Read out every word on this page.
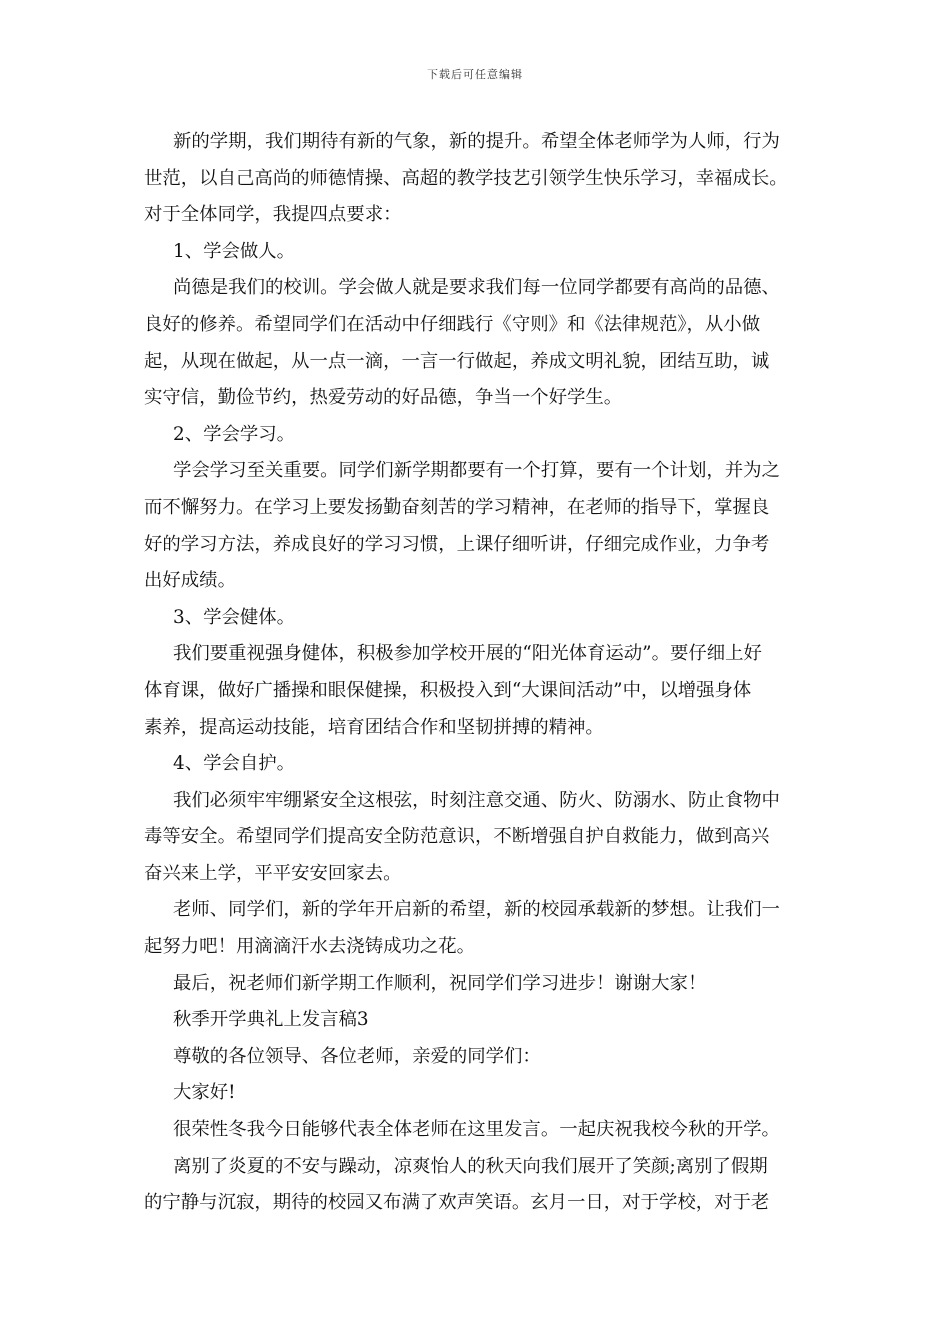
下载后可任意编辑
新的学期，我们期待有新的气象，新的提升。希望全体老师学为人师，行为
世范，以自己高尚的师德情操、高超的教学技艺引领学生快乐学习，幸福成长。
对于全体同学，我提四点要求：
1、学会做人。
尚德是我们的校训。学会做人就是要求我们每一位同学都要有高尚的品德、
良好的修养。希望同学们在活动中仔细践行《守则》和《法律规范》，从小做
起，从现在做起，从一点一滴，一言一行做起，养成文明礼貌，团结互助，诚
实守信，勤俭节约，热爱劳动的好品德，争当一个好学生。
2、学会学习。
学会学习至关重要。同学们新学期都要有一个打算，要有一个计划，并为之
而不懈努力。在学习上要发扬勤奋刻苦的学习精神，在老师的指导下，掌握良
好的学习方法，养成良好的学习习惯，上课仔细听讲，仔细完成作业，力争考
出好成绩。
3、学会健体。
我们要重视强身健体，积极参加学校开展的“阳光体育运动”。要仔细上好
体育课，做好广播操和眼保健操，积极投入到“大课间活动”中，以增强身体
素养，提高运动技能，培育团结合作和坚韧拼搏的精神。
4、学会自护。
我们必须牢牢绷紧安全这根弦，时刻注意交通、防火、防溺水、防止食物中
毒等安全。希望同学们提高安全防范意识，不断增强自护自救能力，做到高兴
奋兴来上学，平平安安回家去。
老师、同学们，新的学年开启新的希望，新的校园承载新的梦想。让我们一
起努力吧！用滴滴汗水去浇铸成功之花。
最后，祝老师们新学期工作顺利，祝同学们学习进步！谢谢大家！
秋季开学典礼上发言稿3
尊敬的各位领导、各位老师，亲爱的同学们：
大家好!
很荣性冬我今日能够代表全体老师在这里发言。一起庆祝我校今秋的开学。
离别了炎夏的不安与躁动，凉爽怡人的秋天向我们展开了笑颜;离别了假期
的宁静与沉寂，期待的校园又布满了欢声笑语。玄月一日，对于学校，对于老
